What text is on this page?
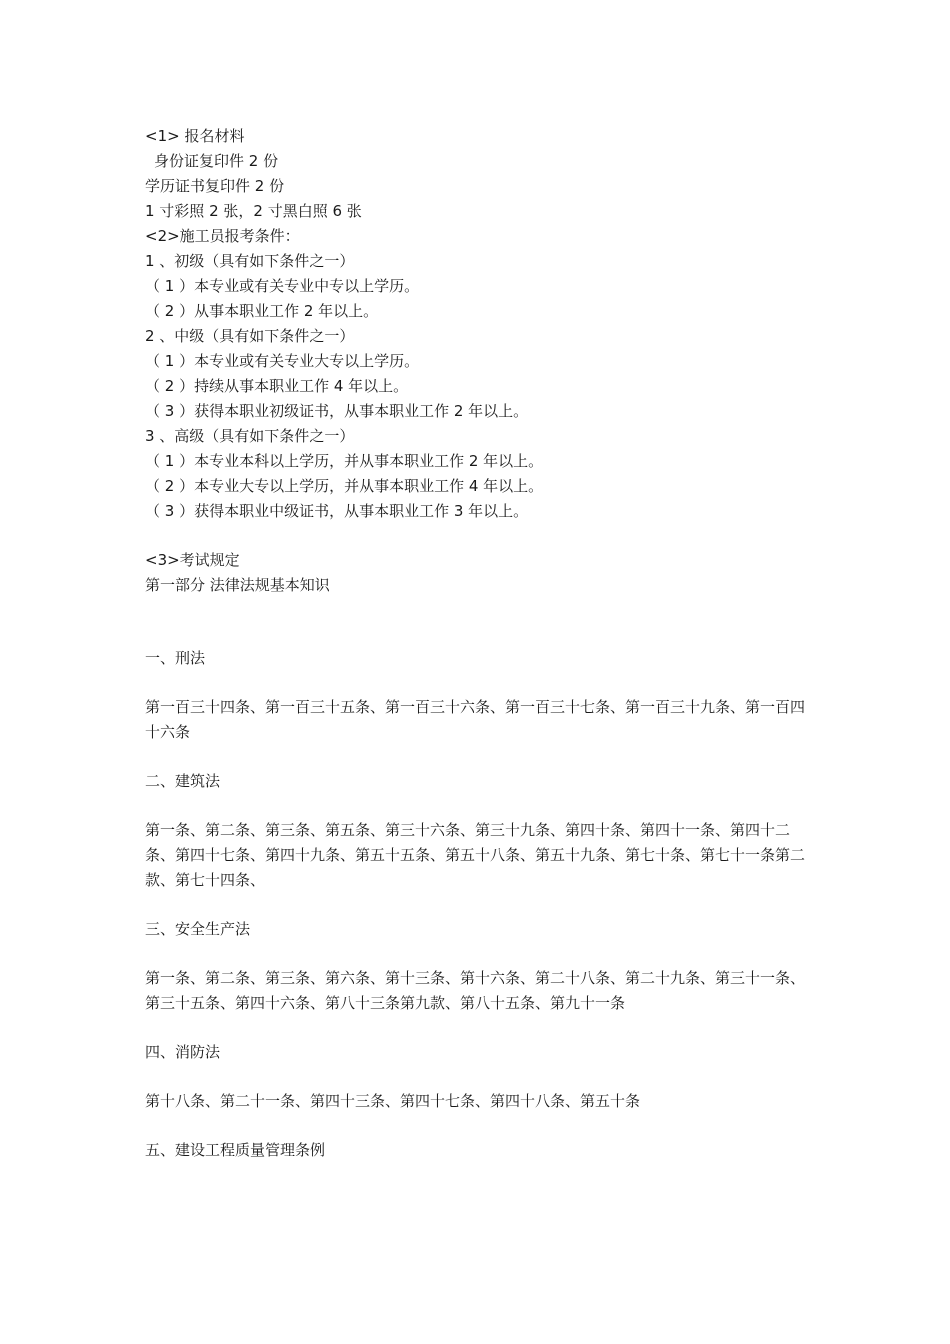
<1> 报名材料
身份证复印件 2 份
学历证书复印件 2 份
1 寸彩照 2 张，2 寸黑白照 6 张
<2>施工员报考条件：
1 、初级（具有如下条件之一）
（ 1 ）本专业或有关专业中专以上学历。
（ 2 ）从事本职业工作 2 年以上。
2 、中级（具有如下条件之一）
（ 1 ）本专业或有关专业大专以上学历。
（ 2 ）持续从事本职业工作 4 年以上。
（ 3 ）获得本职业初级证书，从事本职业工作 2 年以上。
3 、高级（具有如下条件之一）
（ 1 ）本专业本科以上学历，并从事本职业工作 2 年以上。
（ 2 ）本专业大专以上学历，并从事本职业工作 4 年以上。
（ 3 ）获得本职业中级证书，从事本职业工作 3 年以上。
<3>考试规定
第一部分 法律法规基本知识
一、刑法
第一百三十四条、第一百三十五条、第一百三十六条、第一百三十七条、第一百三十九条、第一百四十六条
二、建筑法
第一条、第二条、第三条、第五条、第三十六条、第三十九条、第四十条、第四十一条、第四十二条、第四十七条、第四十九条、第五十五条、第五十八条、第五十九条、第七十条、第七十一条第二款、第七十四条、
三、安全生产法
第一条、第二条、第三条、第六条、第十三条、第十六条、第二十八条、第二十九条、第三十一条、第三十五条、第四十六条、第八十三条第九款、第八十五条、第九十一条
四、消防法
第十八条、第二十一条、第四十三条、第四十七条、第四十八条、第五十条
五、建设工程质量管理条例
